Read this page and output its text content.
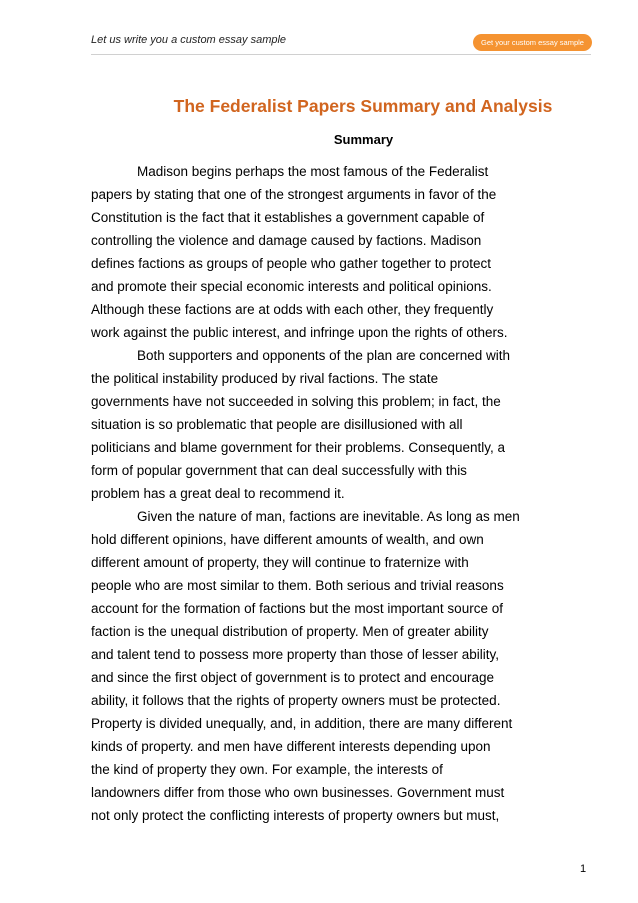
Let us write you a custom essay sample	Get your custom essay sample
The Federalist Papers Summary and Analysis
Summary

Madison begins perhaps the most famous of the Federalist
papers by stating that one of the strongest arguments in favor of the
Constitution is the fact that it establishes a government capable of
controlling the violence and damage caused by factions. Madison
defines factions as groups of people who gather together to protect
and promote their special economic interests and political opinions.
Although these factions are at odds with each other, they frequently
work against the public interest, and infringe upon the rights of others.

Both supporters and opponents of the plan are concerned with
the political instability produced by rival factions. The state
governments have not succeeded in solving this problem; in fact, the
situation is so problematic that people are disillusioned with all
politicians and blame government for their problems. Consequently, a
form of popular government that can deal successfully with this
problem has a great deal to recommend it.

Given the nature of man, factions are inevitable. As long as men
hold different opinions, have different amounts of wealth, and own
different amount of property, they will continue to fraternize with
people who are most similar to them. Both serious and trivial reasons
account for the formation of factions but the most important source of
faction is the unequal distribution of property. Men of greater ability
and talent tend to possess more property than those of lesser ability,
and since the first object of government is to protect and encourage
ability, it follows that the rights of property owners must be protected.
Property is divided unequally, and, in addition, there are many different
kinds of property. and men have different interests depending upon
the kind of property they own. For example, the interests of
landowners differ from those who own businesses. Government must
not only protect the conflicting interests of property owners but must,

1
